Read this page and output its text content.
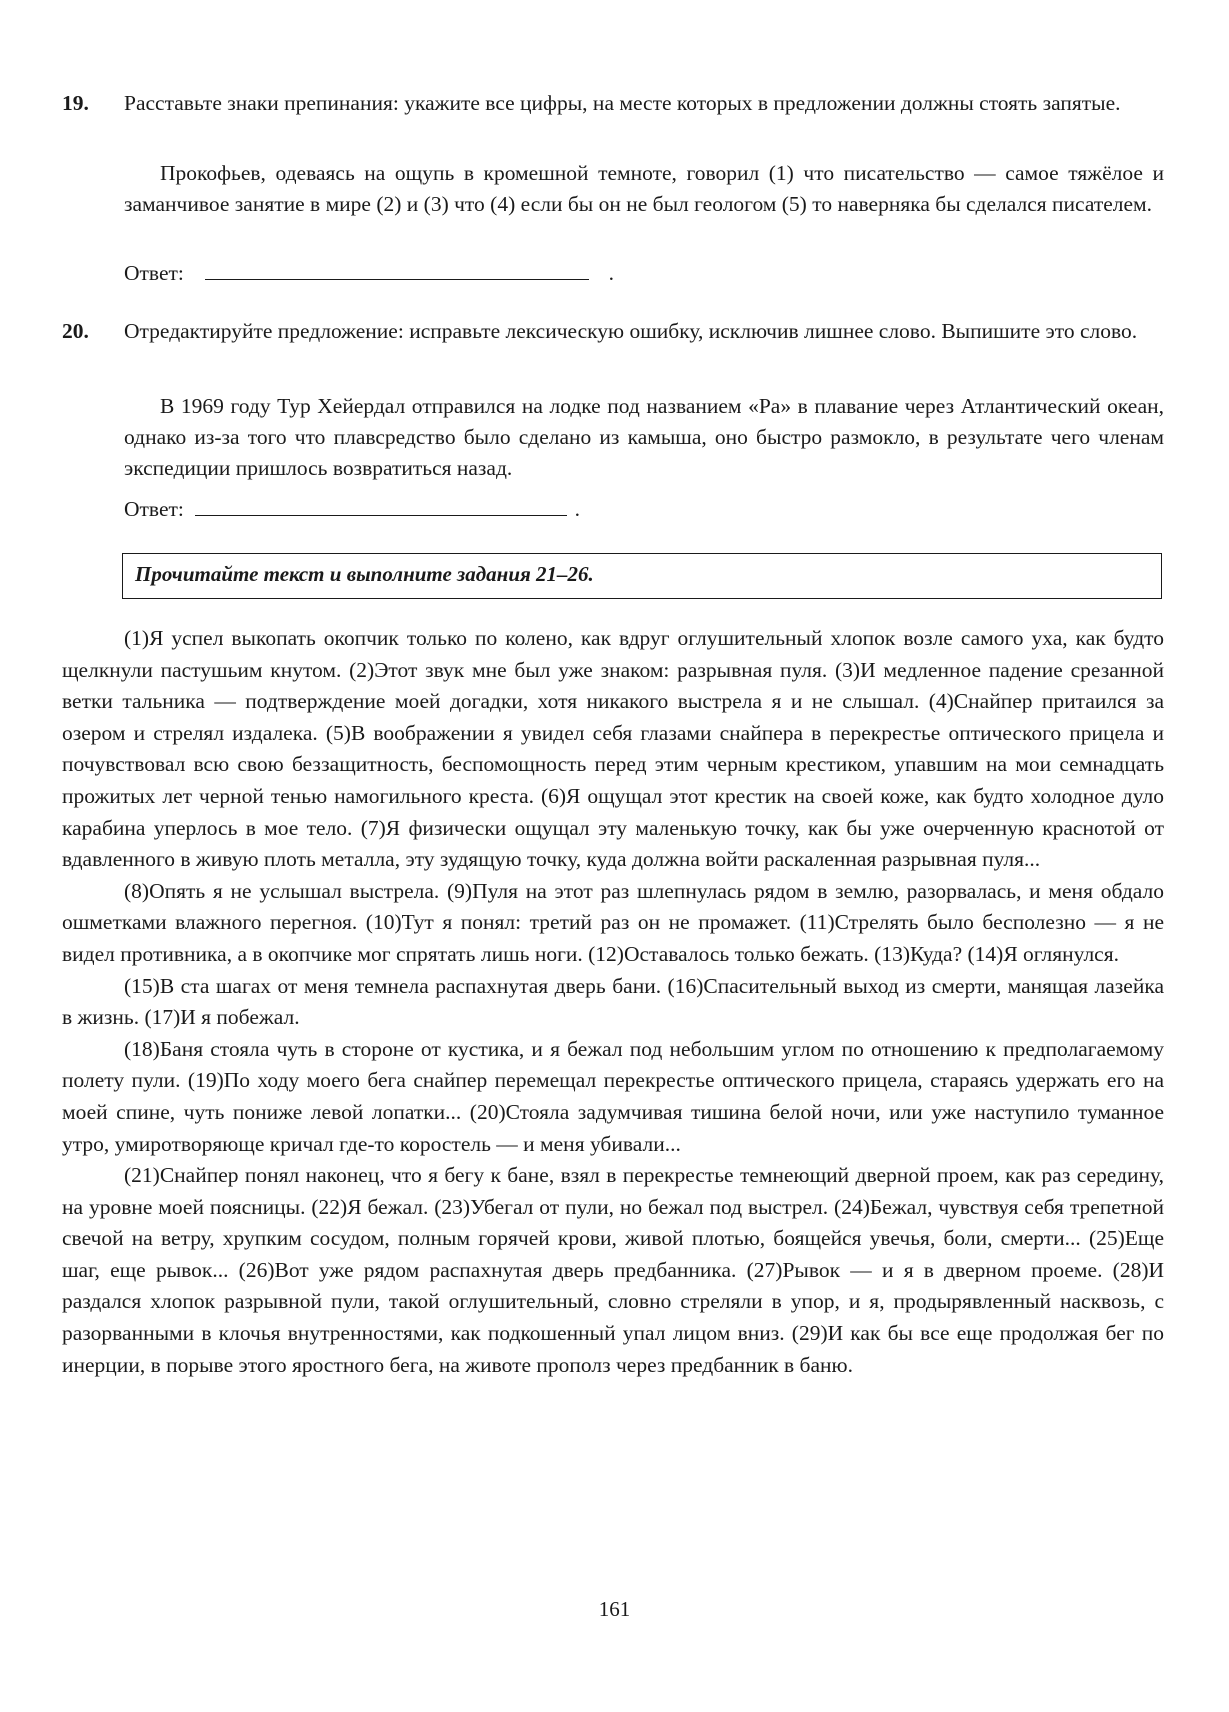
19. Расставьте знаки препинания: укажите все цифры, на месте которых в предложении должны стоять запятые.
Прокофьев, одеваясь на ощупь в кромешной темноте, говорил (1) что писательство — самое тяжёлое и заманчивое занятие в мире (2) и (3) что (4) если бы он не был геологом (5) то наверняка бы сделался писателем.
Ответ:	.
20. Отредактируйте предложение: исправьте лексическую ошибку, исключив лишнее слово. Выпишите это слово.
В 1969 году Тур Хейердал отправился на лодке под названием «Ра» в плавание через Атлантический океан, однако из-за того что плавсредство было сделано из камыша, оно быстро размокло, в результате чего членам экспедиции пришлось возвратиться назад.
Ответ:	.
Прочитайте текст и выполните задания 21–26.

(1)Я успел выкопать окопчик только по колено, как вдруг оглушительный хлопок возле самого уха, как будто щелкнули пастушьим кнутом. (2)Этот звук мне был уже знаком: разрывная пуля. (3)И медленное падение срезанной ветки тальника — подтверждение моей догадки, хотя никакого выстрела я и не слышал. (4)Снайпер притаился за озером и стрелял издалека. (5)В воображении я увидел себя глазами снайпера в перекрестье оптического прицела и почувствовал всю свою беззащитность, беспомощность перед этим черным крестиком, упавшим на мои семнадцать прожитых лет черной тенью намогильного креста. (6)Я ощущал этот крестик на своей коже, как будто холодное дуло карабина уперлось в мое тело. (7)Я физически ощущал эту маленькую точку, как бы уже очерченную краснотой от вдавленного в живую плоть металла, эту зудящую точку, куда должна войти раскаленная разрывная пуля...

(8)Опять я не услышал выстрела. (9)Пуля на этот раз шлепнулась рядом в землю, разорвалась, и меня обдало ошметками влажного перегноя. (10)Тут я понял: третий раз он не промажет. (11)Стрелять было бесполезно — я не видел противника, а в окопчике мог спрятать лишь ноги. (12)Оставалось только бежать. (13)Куда? (14)Я оглянулся.

(15)В ста шагах от меня темнела распахнутая дверь бани. (16)Спасительный выход из смерти, манящая лазейка в жизнь. (17)И я побежал.

(18)Баня стояла чуть в стороне от кустика, и я бежал под небольшим углом по отношению к предполагаемому полету пули. (19)По ходу моего бега снайпер перемещал перекрестье оптического прицела, стараясь удержать его на моей спине, чуть пониже левой лопатки... (20)Стояла задумчивая тишина белой ночи, или уже наступило туманное утро, умиротворяюще кричал где-то коростель — и меня убивали...

(21)Снайпер понял наконец, что я бегу к бане, взял в перекрестье темнеющий дверной проем, как раз середину, на уровне моей поясницы. (22)Я бежал. (23)Убегал от пули, но бежал под выстрел. (24)Бежал, чувствуя себя трепетной свечой на ветру, хрупким сосудом, полным горячей крови, живой плотью, боящейся увечья, боли, смерти... (25)Еще шаг, еще рывок... (26)Вот уже рядом распахнутая дверь предбанника. (27)Рывок — и я в дверном проеме. (28)И раздался хлопок разрывной пули, такой оглушительный, словно стреляли в упор, и я, продырявленный насквозь, с разорванными в клочья внутренностями, как подкошенный упал лицом вниз. (29)И как бы все еще продолжая бег по инерции, в порыве этого яростного бега, на животе прополз через предбанник в баню.

161
